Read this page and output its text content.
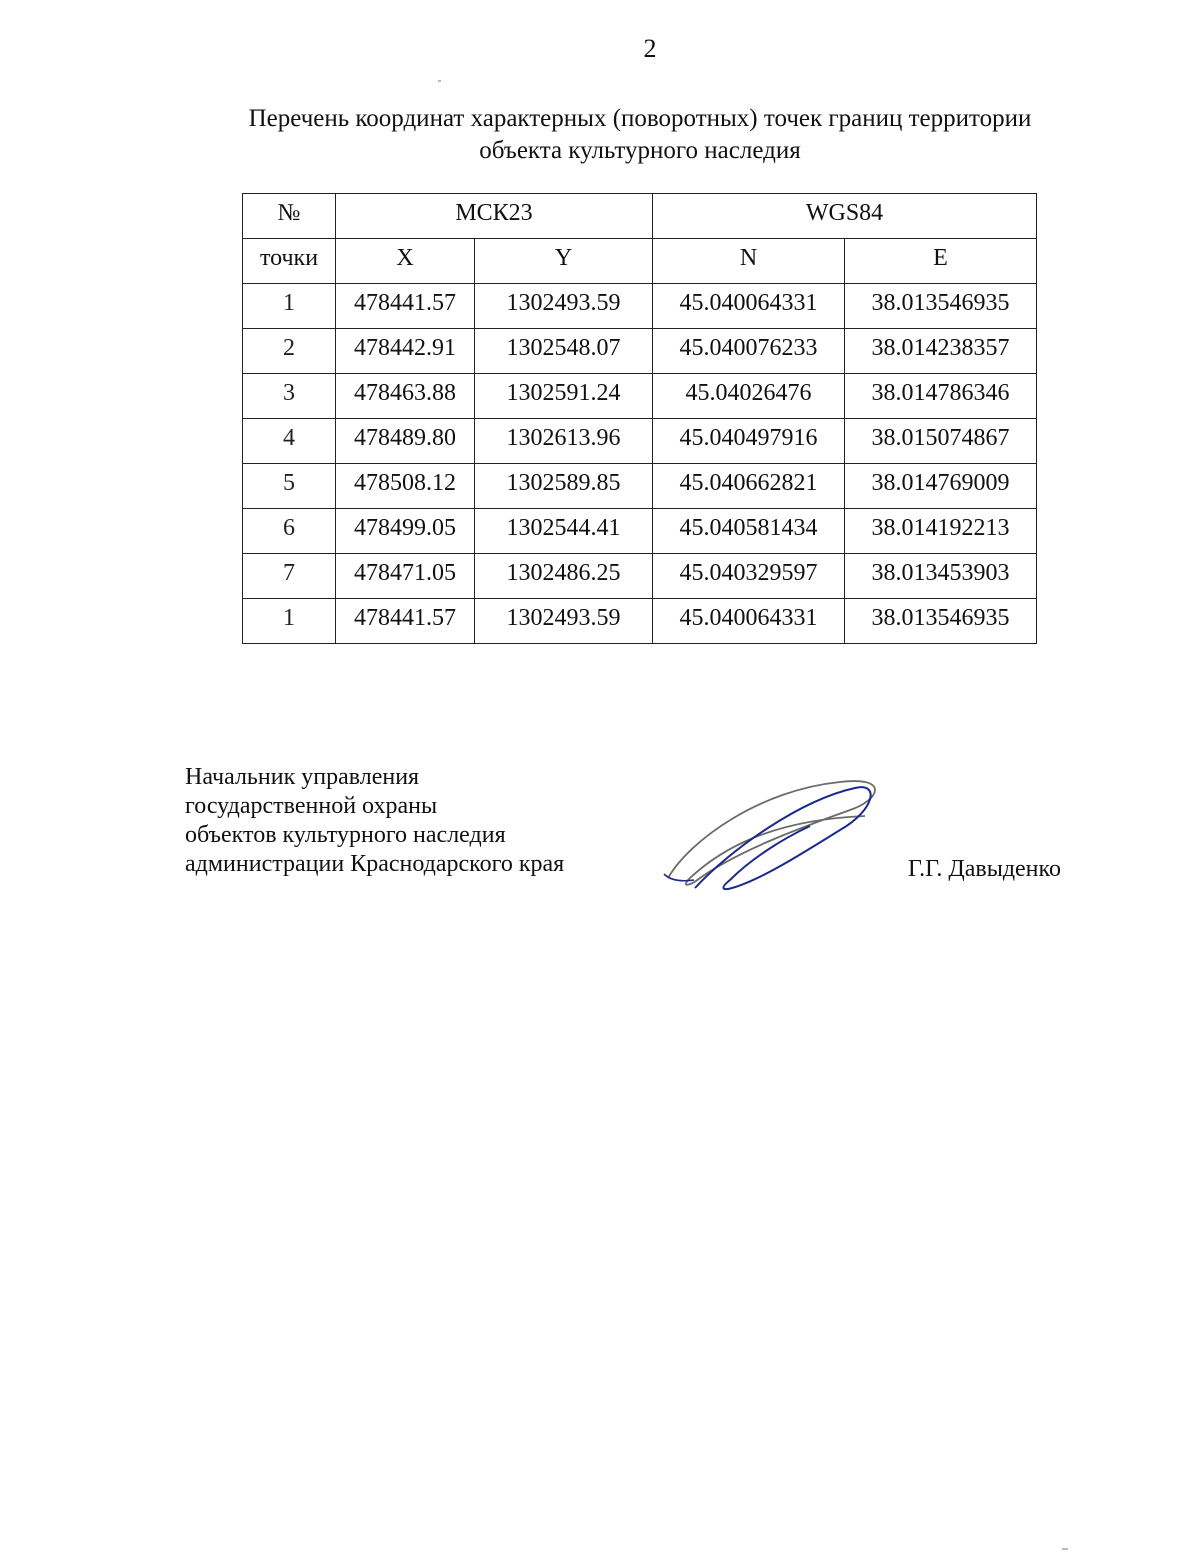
2
Перечень координат характерных (поворотных) точек границ территории
объекта культурного наследия
№	МСК23		WGS84	
точки	X	Y	N	E
1	478441.57	1302493.59	45.040064331	38.013546935
2	478442.91	1302548.07	45.040076233	38.014238357
3	478463.88	1302591.24	45.04026476	38.014786346
4	478489.80	1302613.96	45.040497916	38.015074867
5	478508.12	1302589.85	45.040662821	38.014769009
6	478499.05	1302544.41	45.040581434	38.014192213
7	478471.05	1302486.25	45.040329597	38.013453903
1	478441.57	1302493.59	45.040064331	38.013546935
Начальник управления
государственной охраны
объектов культурного наследия
администрации Краснодарского края	Г.Г. Давыденко
